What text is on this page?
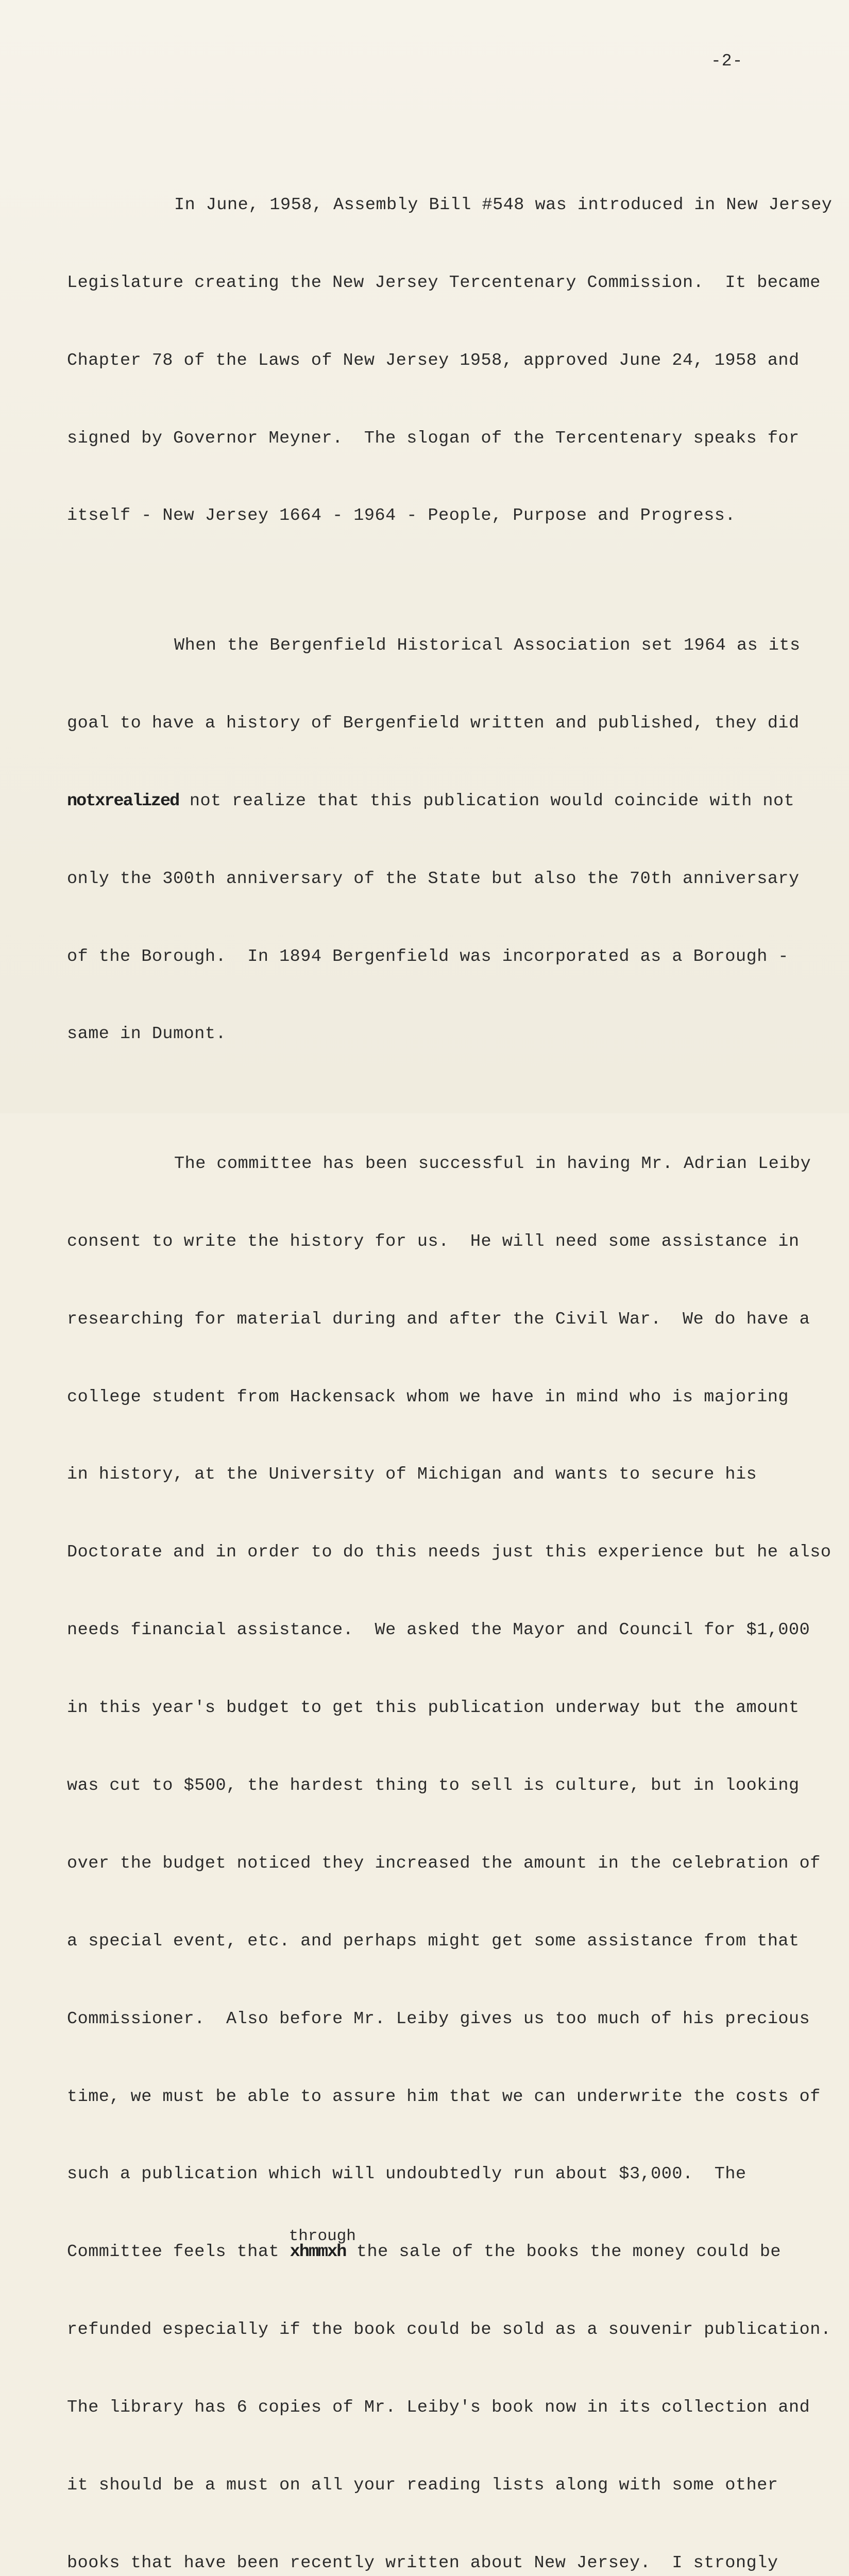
-2-

In June, 1958, Assembly Bill #548 was introduced in New Jersey

Legislature creating the New Jersey Tercentenary Commission.  It became

Chapter 78 of the Laws of New Jersey 1958, approved June 24, 1958 and

signed by Governor Meyner.  The slogan of the Tercentenary speaks for

itself - New Jersey 1664 - 1964 - People, Purpose and Progress.

When the Bergenfield Historical Association set 1964 as its

goal to have a history of Bergenfield written and published, they did

notxrealized not realize that this publication would coincide with not

only the 300th anniversary of the State but also the 70th anniversary

of the Borough.  In 1894 Bergenfield was incorporated as a Borough -

same in Dumont.

The committee has been successful in having Mr. Adrian Leiby

consent to write the history for us.  He will need some assistance in

researching for material during and after the Civil War.  We do have a

college student from Hackensack whom we have in mind who is majoring

in history, at the University of Michigan and wants to secure his

Doctorate and in order to do this needs just this experience but he also

needs financial assistance.  We asked the Mayor and Council for $1,000

in this year's budget to get this publication underway but the amount

was cut to $500, the hardest thing to sell is culture, but in looking

over the budget noticed they increased the amount in the celebration of

a special event, etc. and perhaps might get some assistance from that

Commissioner.  Also before Mr. Leiby gives us too much of his precious

time, we must be able to assure him that we can underwrite the costs of

such a publication which will undoubtedly run about $3,000.  The

Committee feels that
through
xhmmxh the sale of the books the money could be

refunded especially if the book could be sold as a souvenir publication.

The library has 6 copies of Mr. Leiby's book now in its collection and

it should be a must on all your reading lists along with some other

books that have been recently written about New Jersey.  I strongly
